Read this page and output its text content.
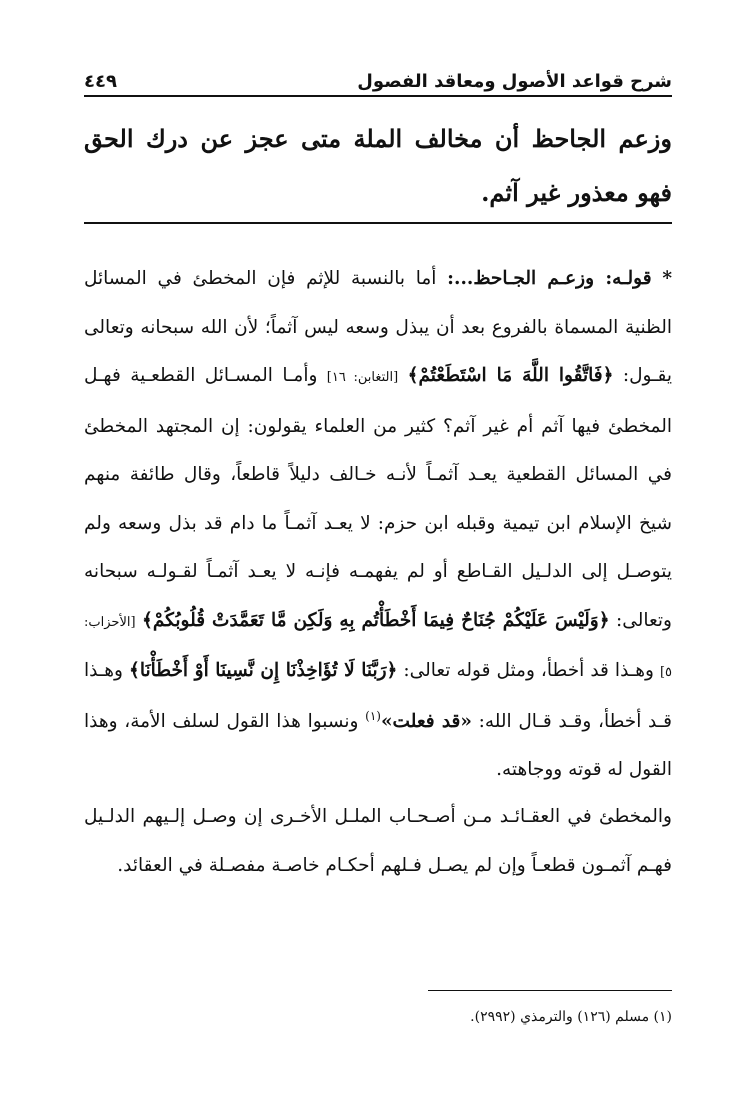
شرح قواعد الأصول ومعاقد الفصول
٤٤٩
وزعم الجاحظ أن مخالف الملة متى عجز عن درك الحق فهو معذور غير آثم.
* قولـه: وزعـم الجـاحظ...: أما بالنسبة للإثم فإن المخطئ في المسائل الظنية المسماة بالفروع بعد أن يبذل وسعه ليس آثماً؛ لأن الله سبحانه وتعالى يقـول: ﴿فَاتَّقُوا اللَّهَ مَا اسْتَطَعْتُمْ﴾ [التغابن: ١٦] وأمـا المسـائل القطعـية فهـل المخطئ فيها آثم أم غير آثم؟ كثير من العلماء يقولون: إن المجتهد المخطئ في المسائل القطعية يعـد آثمـاً لأنـه خـالف دليلاً قاطعاً، وقال طائفة منهم شيخ الإسلام ابن تيمية وقبله ابن حزم: لا يعـد آثمـاً ما دام قد بذل وسعه ولم يتوصـل إلى الدلـيل القـاطع أو لم يفهمـه فإنـه لا يعـد آثمـاً لقـولـه سبحانه وتعالى: ﴿وَلَيْسَ عَلَيْكُمْ جُنَاحٌ فِيمَا أَخْطَأْتُم بِهِ وَلَكِن مَّا تَعَمَّدَتْ قُلُوبُكُمْ﴾ [الأحزاب: ٥] وهـذا قد أخطأ، ومثل قوله تعالى: ﴿رَبَّنَا لَا تُؤَاخِذْنَا إِن نَّسِينَا أَوْ أَخْطَأْنَا﴾ وهـذا قـد أخطأ، وقـد قـال الله: «قد فعلت»$^{(١)}$ ونسبوا هذا القول لسلف الأمة، وهذا القول له قوته ووجاهته.
والمخطئ في العقـائـد مـن أصـحـاب الملـل الأخـرى إن وصـل إلـيهم الدلـيل فهـم آثمـون قطعـاً وإن لم يصـل فـلهم أحكـام خاصـة مفصـلة في العقائد.
(١) مسلم (١٢٦) والترمذي (٢٩٩٢).
